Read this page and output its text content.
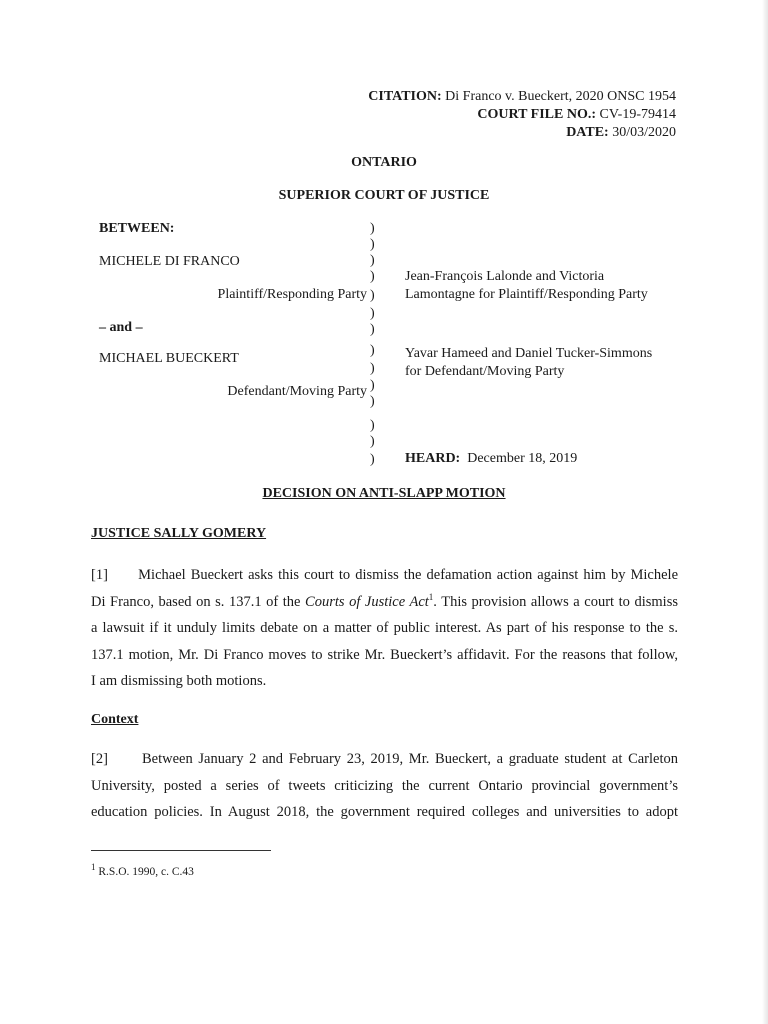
CITATION: Di Franco v. Bueckert, 2020 ONSC 1954
COURT FILE NO.: CV-19-79414
DATE: 30/03/2020
ONTARIO
SUPERIOR COURT OF JUSTICE
BETWEEN:
MICHELE DI FRANCO
Plaintiff/Responding Party
– and –
MICHAEL BUECKERT
Defendant/Moving Party
)
)
)
)
)
)
)
)
)
)
)
)
)
)
Jean-François Lalonde and Victoria
Lamontagne for Plaintiff/Responding Party
Yavar Hameed and Daniel Tucker-Simmons
for Defendant/Moving Party
HEARD: December 18, 2019
DECISION ON ANTI-SLAPP MOTION
JUSTICE SALLY GOMERY
[1] Michael Bueckert asks this court to dismiss the defamation action against him by Michele
Di Franco, based on s. 137.1 of the Courts of Justice Act$^1$. This provision allows a court to dismiss
a lawsuit if it unduly limits debate on a matter of public interest. As part of his response to the s.
137.1 motion, Mr. Di Franco moves to strike Mr. Bueckert’s affidavit. For the reasons that follow,
I am dismissing both motions.
Context
[2] Between January 2 and February 23, 2019, Mr. Bueckert, a graduate student at Carleton
University, posted a series of tweets criticizing the current Ontario provincial government’s
education policies. In August 2018, the government required colleges and universities to adopt
$^1$ R.S.O. 1990, c. C.43
